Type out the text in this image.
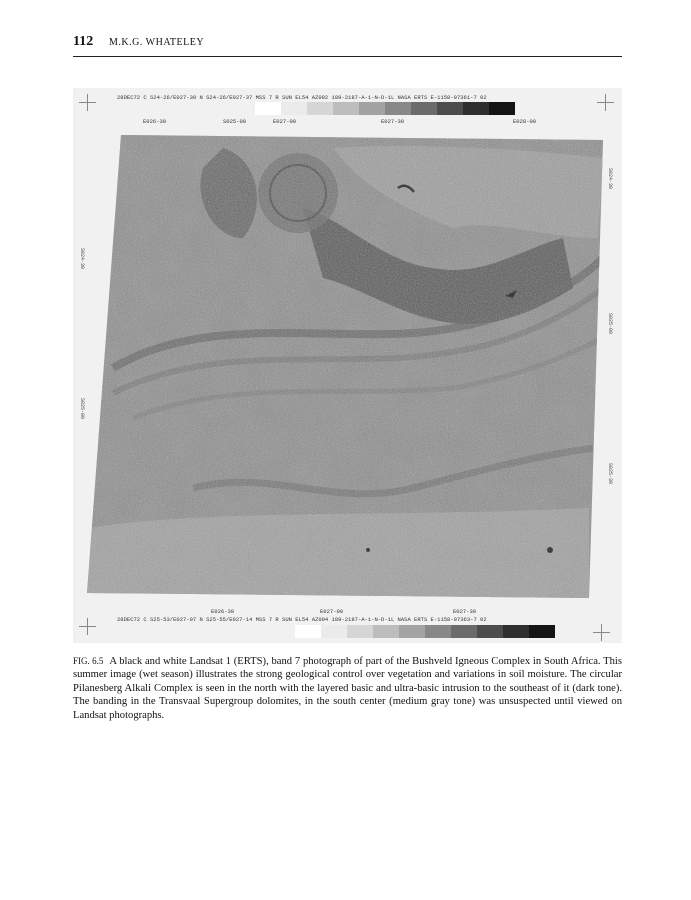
112 M.K.G. WHATELEY
28DEC72 C S24-26/E027-30 N S24-26/E027-37 MSS 7 R SUN EL54 AZ092 189-2187-A-1-N-D-1L NASA ERTS E-1158-07361-7 02
E026-30	S025-00	E027-00	E027-30	E028-00
S024-30
S025-00
S024-30
S025-00
S025-30
28DEC72 C S25-53/E027-07 N S25-55/E027-14 MSS 7 R SUN EL54 AZ094 189-2187-A-1-N-D-1L NASA ERTS E-1158-07363-7 02
E026-30	E027-00	E027-30
FIG. 6.5 A black and white Landsat 1 (ERTS), band 7 photograph of part of the Bushveld Igneous Complex in South Africa. This summer image (wet season) illustrates the strong geological control over vegetation and variations in soil moisture. The circular Pilanesberg Alkali Complex is seen in the north with the layered basic and ultra-basic intrusion to the southeast of it (dark tone). The banding in the Transvaal Supergroup dolomites, in the south center (medium gray tone) was unsuspected until viewed on Landsat photographs.
